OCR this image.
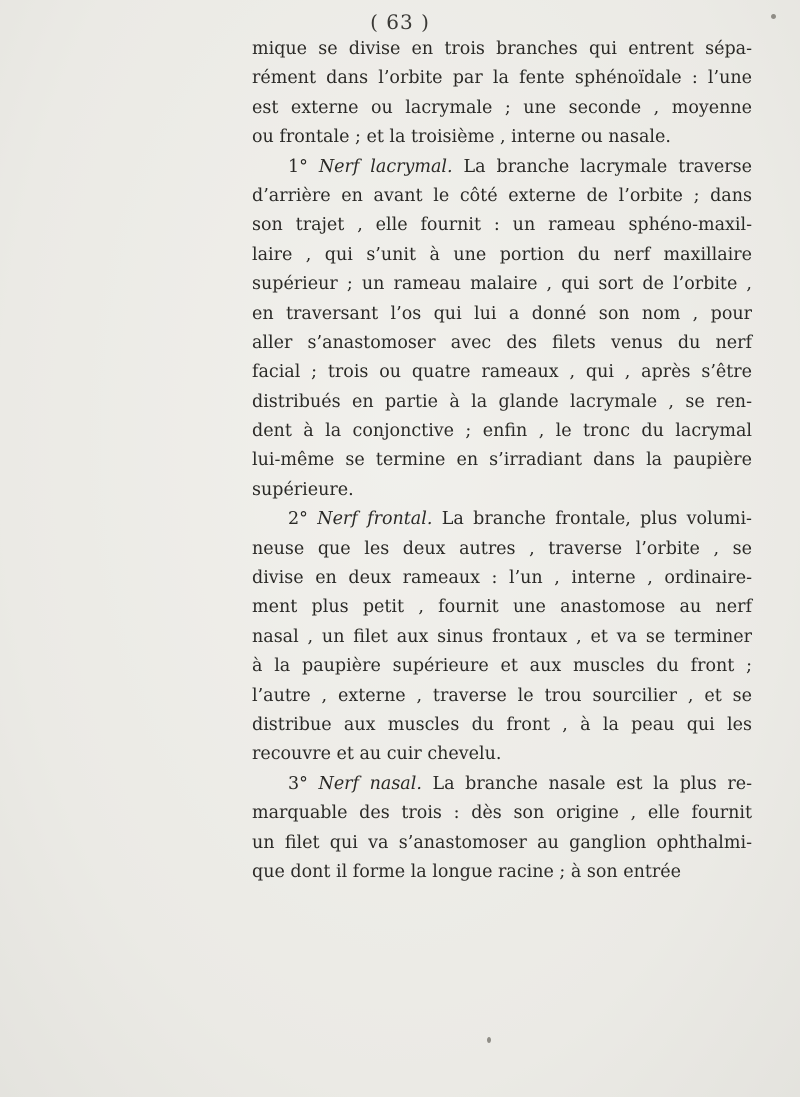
( 63 )
mique se divise en trois branches qui entrent sépa-
rément dans l’orbite par la fente sphénoïdale : l’une
est externe ou lacrymale ; une seconde , moyenne
ou frontale ; et la troisième , interne ou nasale.
1° Nerf lacrymal. La branche lacrymale traverse
d’arrière en avant le côté externe de l’orbite ; dans
son trajet , elle fournit : un rameau sphéno-maxil-
laire , qui s’unit à une portion du nerf maxillaire
supérieur ; un rameau malaire , qui sort de l’orbite ,
en traversant l’os qui lui a donné son nom , pour
aller s’anastomoser avec des filets venus du nerf
facial ; trois ou quatre rameaux , qui , après s’être
distribués en partie à la glande lacrymale , se ren-
dent à la conjonctive ; enfin , le tronc du lacrymal
lui-même se termine en s’irradiant dans la paupière
supérieure.
2° Nerf frontal. La branche frontale, plus volumi-
neuse que les deux autres , traverse l’orbite , se
divise en deux rameaux : l’un , interne , ordinaire-
ment plus petit , fournit une anastomose au nerf
nasal , un filet aux sinus frontaux , et va se terminer
à la paupière supérieure et aux muscles du front ;
l’autre , externe , traverse le trou sourcilier , et se
distribue aux muscles du front , à la peau qui les
recouvre et au cuir chevelu.
3° Nerf nasal. La branche nasale est la plus re-
marquable des trois : dès son origine , elle fournit
un filet qui va s’anastomoser au ganglion ophthalmi-
que dont il forme la longue racine ; à son entrée
